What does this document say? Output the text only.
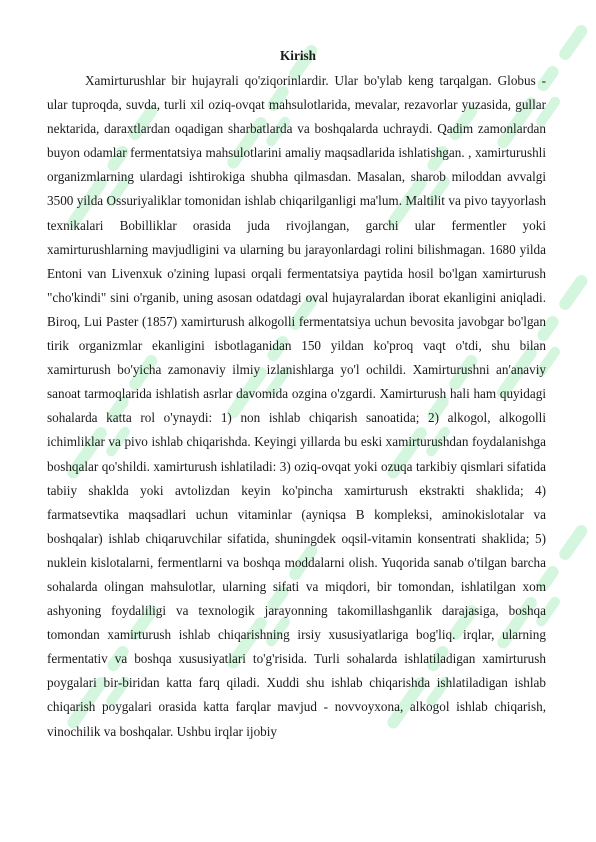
Kirish

Xamirturushlar bir hujayrali qo'ziqorinlardir. Ular bo'ylab keng tarqalgan. Globus - ular tuproqda, suvda, turli xil oziq-ovqat mahsulotlarida, mevalar, rezavorlar yuzasida, gullar nektarida, daraxtlardan oqadigan sharbatlarda va boshqalarda uchraydi. Qadim zamonlardan buyon odamlar fermentatsiya mahsulotlarini amaliy maqsadlarida ishlatishgan. , xamirturushli organizmlarning ulardagi ishtirokiga shubha qilmasdan. Masalan, sharob miloddan avvalgi 3500 yilda Ossuriyaliklar tomonidan ishlab chiqarilganligi ma'lum. Maltilit va pivo tayyorlash texnikalari Bobilliklar orasida juda rivojlangan, garchi ular fermentler yoki xamirturushlarning mavjudligini va ularning bu jarayonlardagi rolini bilishmagan. 1680 yilda Entoni van Livenxuk o'zining lupasi orqali fermentatsiya paytida hosil bo'lgan xamirturush "cho'kindi" sini o'rganib, uning asosan odatdagi oval hujayralardan iborat ekanligini aniqladi. Biroq, Lui Paster (1857) xamirturush alkogolli fermentatsiya uchun bevosita javobgar bo'lgan tirik organizmlar ekanligini isbotlaganidan 150 yildan ko'proq vaqt o'tdi, shu bilan xamirturush bo'yicha zamonaviy ilmiy izlanishlarga yo'l ochildi. Xamirturushni an'anaviy sanoat tarmoqlarida ishlatish asrlar davomida ozgina o'zgardi. Xamirturush hali ham quyidagi sohalarda katta rol o'ynaydi: 1) non ishlab chiqarish sanoatida; 2) alkogol, alkogolli ichimliklar va pivo ishlab chiqarishda. Keyingi yillarda bu eski xamirturushdan foydalanishga boshqalar qo'shildi. xamirturush ishlatiladi: 3) oziq-ovqat yoki ozuqa tarkibiy qismlari sifatida tabiiy shaklda yoki avtolizdan keyin ko'pincha xamirturush ekstrakti shaklida; 4) farmatsevtika maqsadlari uchun vitaminlar (ayniqsa B kompleksi, aminokislotalar va boshqalar) ishlab chiqaruvchilar sifatida, shuningdek oqsil-vitamin konsentrati shaklida; 5) nuklein kislotalarni, fermentlarni va boshqa moddalarni olish. Yuqorida sanab o'tilgan barcha sohalarda olingan mahsulotlar, ularning sifati va miqdori, bir tomondan, ishlatilgan xom ashyoning foydaliligi va texnologik jarayonning takomillashganlik darajasiga, boshqa tomondan xamirturush ishlab chiqarishning irsiy xususiyatlariga bog'liq. irqlar, ularning fermentativ va boshqa xususiyatlari to'g'risida. Turli sohalarda ishlatiladigan xamirturush poygalari bir-biridan katta farq qiladi. Xuddi shu ishlab chiqarishda ishlatiladigan ishlab chiqarish poygalari orasida katta farqlar mavjud - novvoyxona, alkogol ishlab chiqarish, vinochilik va boshqalar. Ushbu irqlar ijobiy
